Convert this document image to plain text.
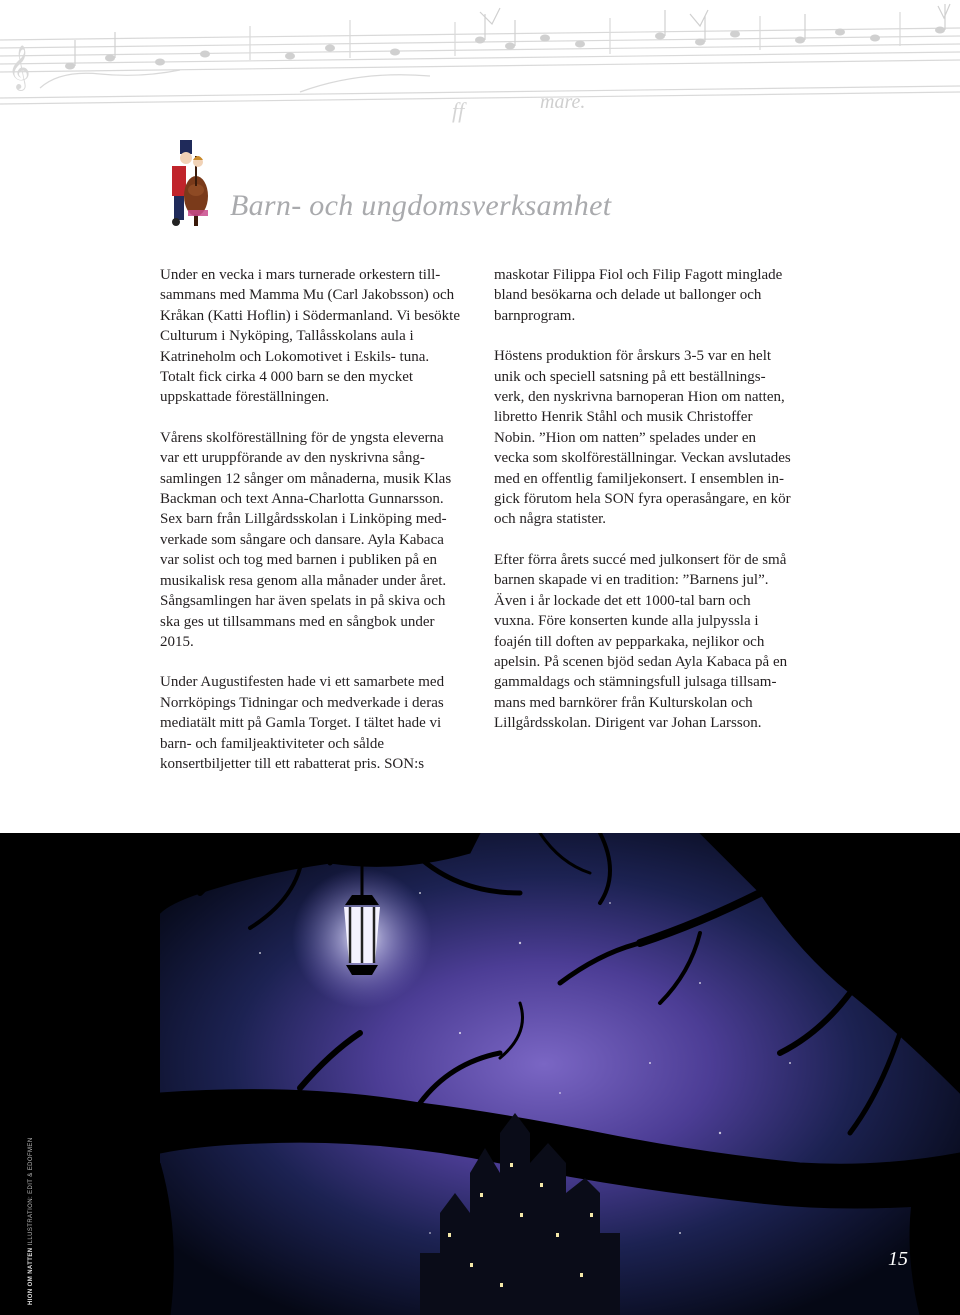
mare.
ff
𝄞
Barn- och ungdomsverksamhet

Under en vecka i mars turnerade orkestern till- sammans med Mamma Mu (Carl Jakobsson) och Kråkan (Katti Hoflin) i Södermanland. Vi besökte Culturum i Nyköping, Tallåsskolans aula i Katrineholm och Lokomotivet i Eskils- tuna. Totalt fick cirka 4 000 barn se den mycket uppskattade föreställningen.

Vårens skolföreställning för de yngsta eleverna var ett uruppförande av den nyskrivna sång- samlingen 12 sånger om månaderna, musik Klas Backman och text Anna-Charlotta Gunnarsson. Sex barn från Lillgårdsskolan i Linköping med- verkade som sångare och dansare. Ayla Kabaca var solist och tog med barnen i publiken på en musikalisk resa genom alla månader under året. Sångsamlingen har även spelats in på skiva och ska ges ut tillsammans med en sångbok under 2015.

Under Augustifesten hade vi ett samarbete med Norrköpings Tidningar och medverkade i deras mediatält mitt på Gamla Torget. I tältet hade vi barn- och familjeaktiviteter och sålde konsertbiljetter till ett rabatterat pris. SON:s

maskotar Filippa Fiol och Filip Fagott minglade bland besökarna och delade ut ballonger och barnprogram.

Höstens produktion för årskurs 3-5 var en helt unik och speciell satsning på ett beställnings- verk, den nyskrivna barnoperan Hion om natten, libretto Henrik Ståhl och musik Christoffer Nobin. ”Hion om natten” spelades under en vecka som skolföreställningar. Veckan avslutades med en offentlig familjekonsert. I ensemblen in- gick förutom hela SON fyra operasångare, en kör och några statister.

Efter förra årets succé med julkonsert för de små barnen skapade vi en tradition: ”Barnens jul”. Även i år lockade det ett 1000-tal barn och vuxna. Före konserten kunde alla julpyssla i foajén till doften av pepparkaka, nejlikor och apelsin. På scenen bjöd sedan Ayla Kabaca på en gammaldags och stämningsfull julsaga tillsam- mans med barnkörer från Kulturskolan och Lillgårdsskolan. Dirigent var Johan Larsson.

HION OM NATTEN ILLUSTRATION: EDIT & EDOFMEN
15
